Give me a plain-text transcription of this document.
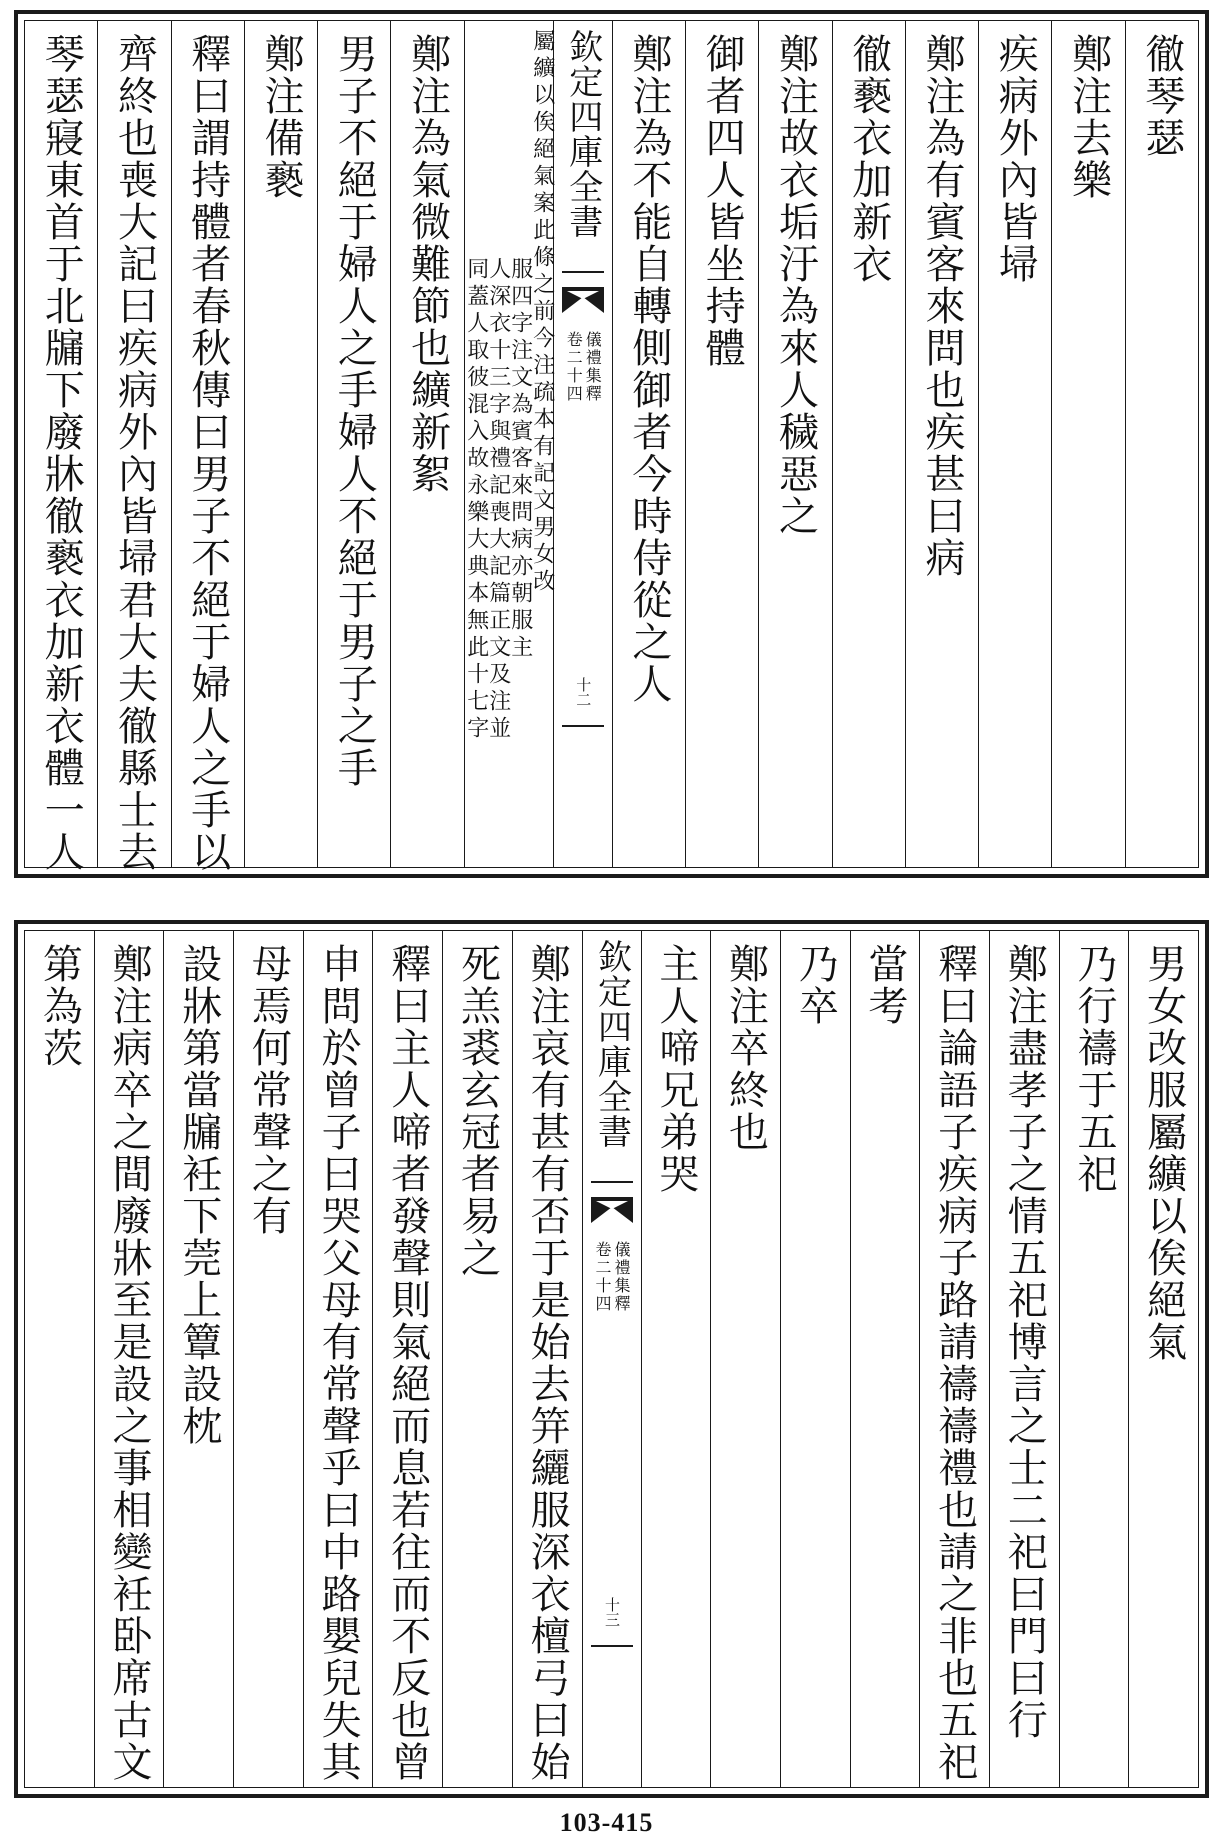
徹琴瑟
鄭注去樂
疾病外內皆埽
鄭注為有賓客來問也疾甚曰病
徹褻衣加新衣
鄭注故衣垢汙為來人穢惡之
御者四人皆坐持體
鄭注為不能自轉側御者今時侍從之人
欽定四庫全書
儀禮集釋
卷二十四
十二
屬纊以俟絕氣案此條之前今注疏本有記文男女改
服四字注文為賓客來問病亦朝服主
人深衣十三字與禮記喪大記篇正文及注並
同蓋人取彼混入故永樂大典本無此十七字
鄭注為氣微難節也纊新絮
男子不絕于婦人之手婦人不絕于男子之手
鄭注備褻
釋曰謂持體者春秋傳曰男子不絕于婦人之手以
齊終也喪大記曰疾病外內皆埽君大夫徹縣士去
琴瑟寢東首于北牖下廢牀徹褻衣加新衣體一人
男女改服屬纊以俟絕氣
乃行禱于五祀
鄭注盡孝子之情五祀博言之士二祀曰門曰行
釋曰論語子疾病子路請禱禱禮也請之非也五祀
當考
乃卒
鄭注卒終也
主人啼兄弟哭
欽定四庫全書
儀禮集釋
卷二十四
十三
鄭注哀有甚有否于是始去笄纚服深衣檀弓曰始
死羔裘玄冠者易之
釋曰主人啼者發聲則氣絕而息若往而不反也曾
申問於曾子曰哭父母有常聲乎曰中路嬰兒失其
母焉何常聲之有
設牀第當牖衽下莞上簟設枕
鄭注病卒之間廢牀至是設之事相變衽卧席古文
第為茨
103-415
